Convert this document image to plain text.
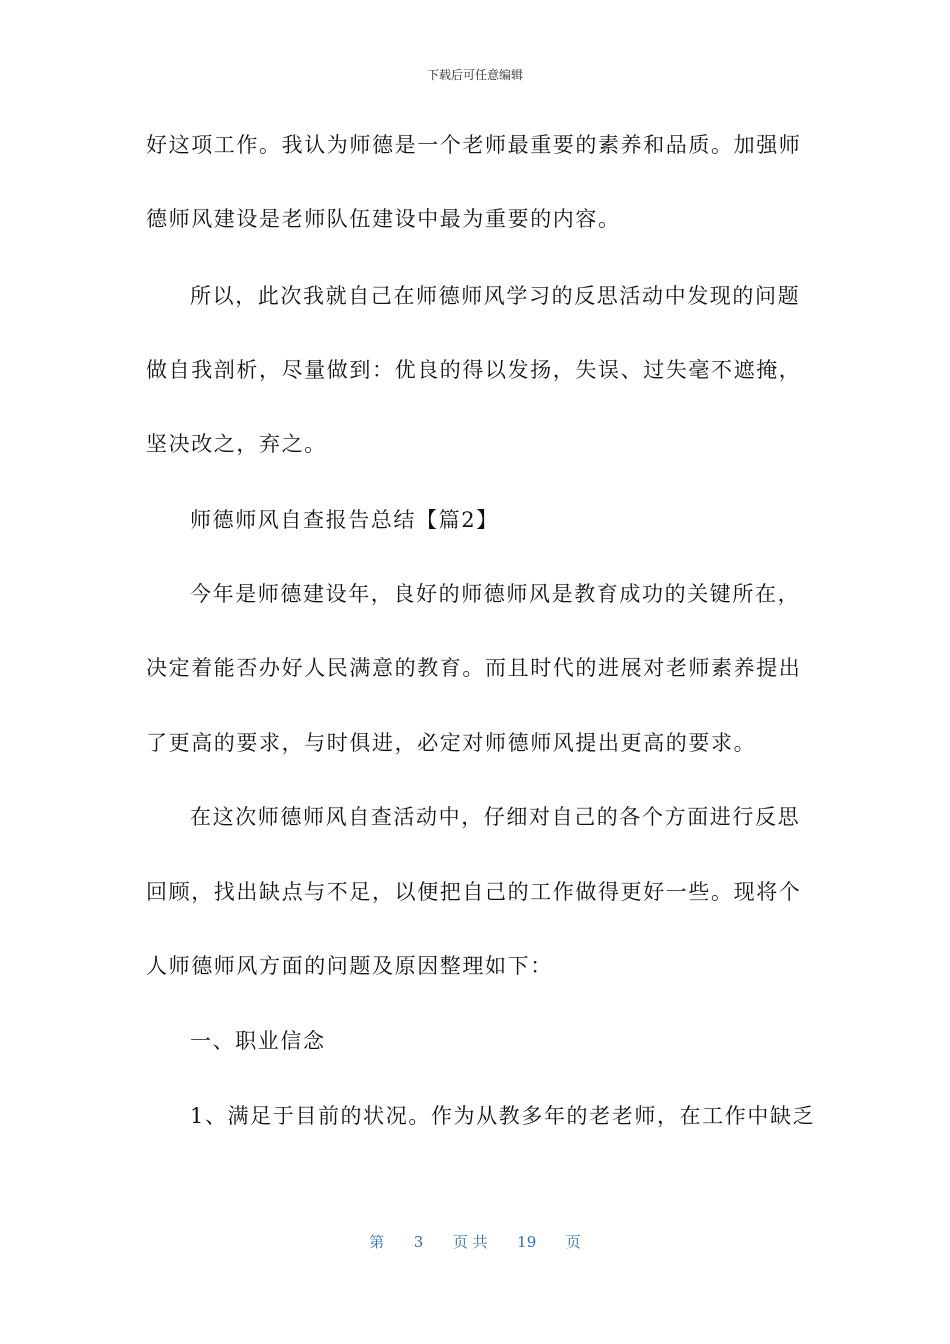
下载后可任意编辑
好这项工作。我认为师德是一个老师最重要的素养和品质。加强师
德师风建设是老师队伍建设中最为重要的内容。
所以，此次我就自己在师德师风学习的反思活动中发现的问题
做自我剖析，尽量做到：优良的得以发扬，失误、过失毫不遮掩，
坚决改之，弃之。
师德师风自查报告总结【篇2】
今年是师德建设年，良好的师德师风是教育成功的关键所在，
决定着能否办好人民满意的教育。而且时代的进展对老师素养提出
了更高的要求，与时俱进，必定对师德师风提出更高的要求。
在这次师德师风自查活动中，仔细对自己的各个方面进行反思
回顾，找出缺点与不足，以便把自己的工作做得更好一些。现将个
人师德师风方面的问题及原因整理如下：
一、职业信念
1、满足于目前的状况。作为从教多年的老老师，在工作中缺乏
第 3 页 共 19 页
